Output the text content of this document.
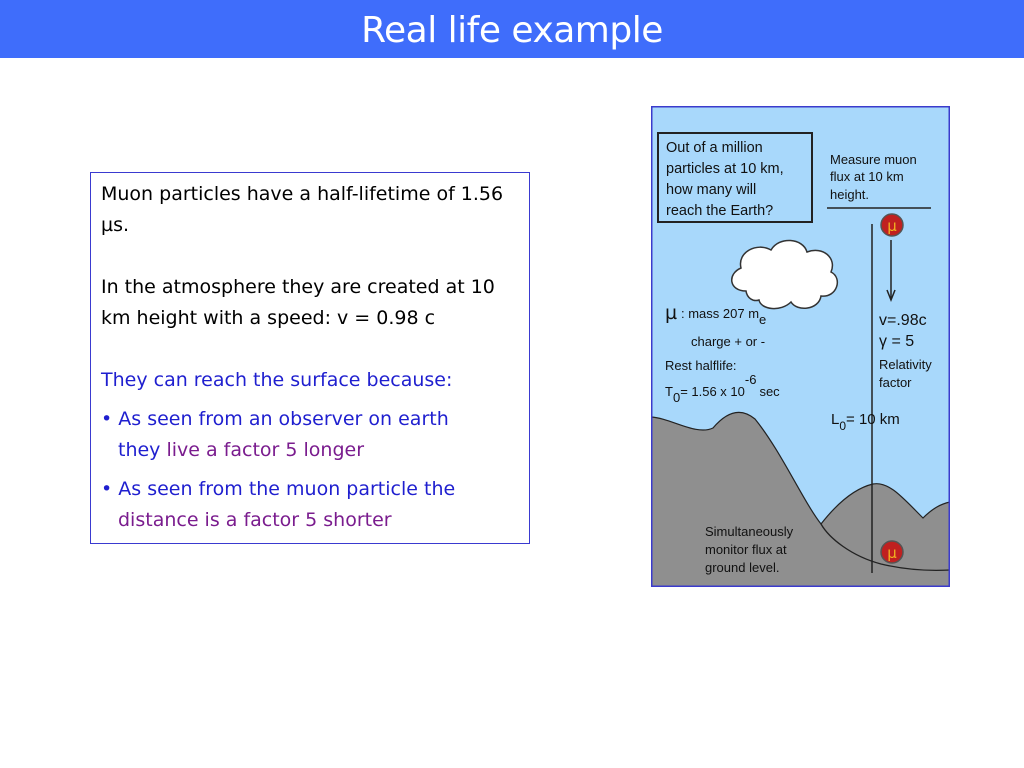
Real life example

Muon particles have a half-lifetime of 1.56 µs.

In the atmosphere they are created at 10 km height with a speed: v = 0.98 c

They can reach the surface because:

• As seen from an observer on earth
they live a factor 5 longer

• As seen from the muon particle the
distance is a factor 5 shorter

Out of a million particles at 10 km, how many will reach the Earth?
Measure muon flux at 10 km height.
µ
µ
µ : mass 207 me
charge + or -
Rest halflife:
T0= 1.56 x 10-6sec
v=.98c
γ = 5
Relativity factor
$L_0= 10$ km
Simultaneously monitor flux at ground level.
